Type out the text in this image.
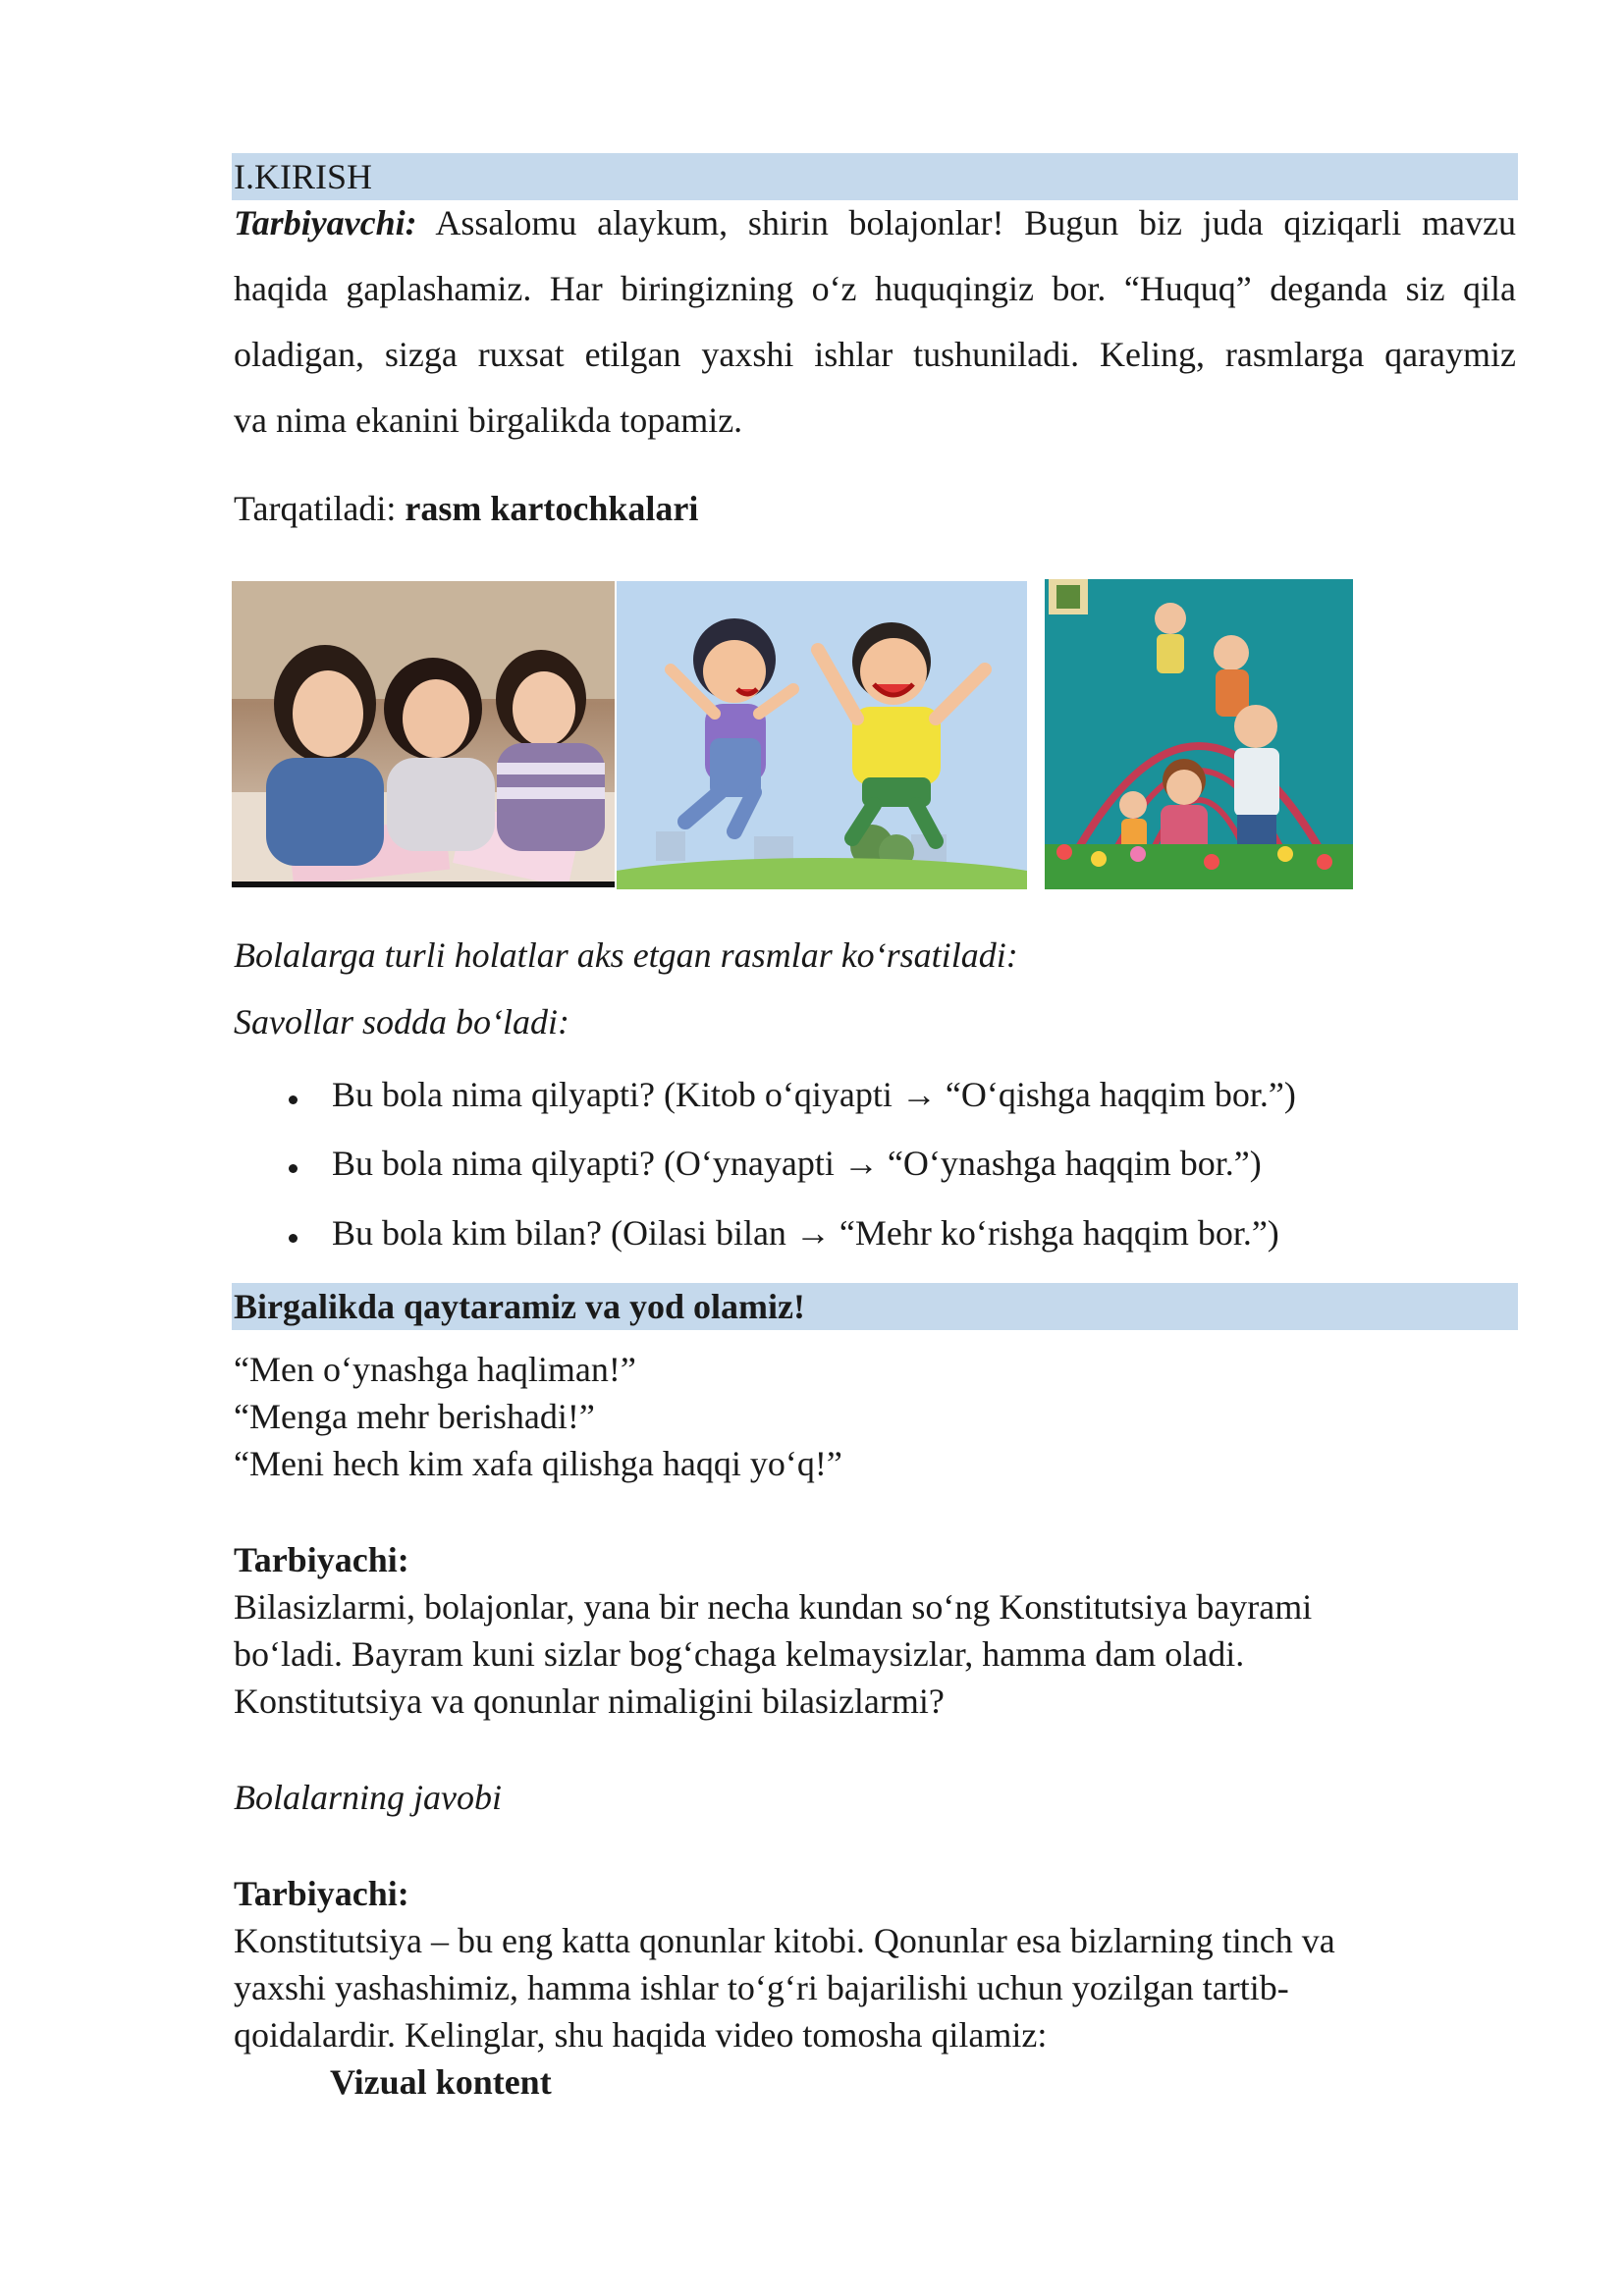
I.KIRISH
Tarbiyavchi: Assalomu alaykum, shirin bolajonlar! Bugun biz juda qiziqarli mavzu
haqida gaplashamiz. Har biringizning o‘z huquqingiz bor. “Huquq” deganda siz qila
oladigan, sizga ruxsat etilgan yaxshi ishlar tushuniladi. Keling, rasmlarga qaraymiz
va nima ekanini birgalikda topamiz.
Tarqatiladi: rasm kartochkalari
Bolalarga turli holatlar aks etgan rasmlar ko‘rsatiladi:
Savollar sodda bo‘ladi:
Bu bola nima qilyapti? (Kitob o‘qiyapti → “O‘qishga haqqim bor.”)
Bu bola nima qilyapti? (O‘ynayapti → “O‘ynashga haqqim bor.”)
Bu bola kim bilan? (Oilasi bilan → “Mehr ko‘rishga haqqim bor.”)
Birgalikda qaytaramiz va yod olamiz!
“Men o‘ynashga haqliman!”
“Menga mehr berishadi!”
“Meni hech kim xafa qilishga haqqi yo‘q!”
Tarbiyachi:
Bilasizlarmi, bolajonlar, yana bir necha kundan so‘ng Konstitutsiya bayrami
bo‘ladi. Bayram kuni sizlar bog‘chaga kelmaysizlar, hamma dam oladi.
Konstitutsiya va qonunlar nimaligini bilasizlarmi?
Bolalarning javobi
Tarbiyachi:
Konstitutsiya – bu eng katta qonunlar kitobi. Qonunlar esa bizlarning tinch va
yaxshi yashashimiz, hamma ishlar to‘g‘ri bajarilishi uchun yozilgan tartib-
qoidalardir. Kelinglar, shu haqida video tomosha qilamiz:
Vizual kontent
